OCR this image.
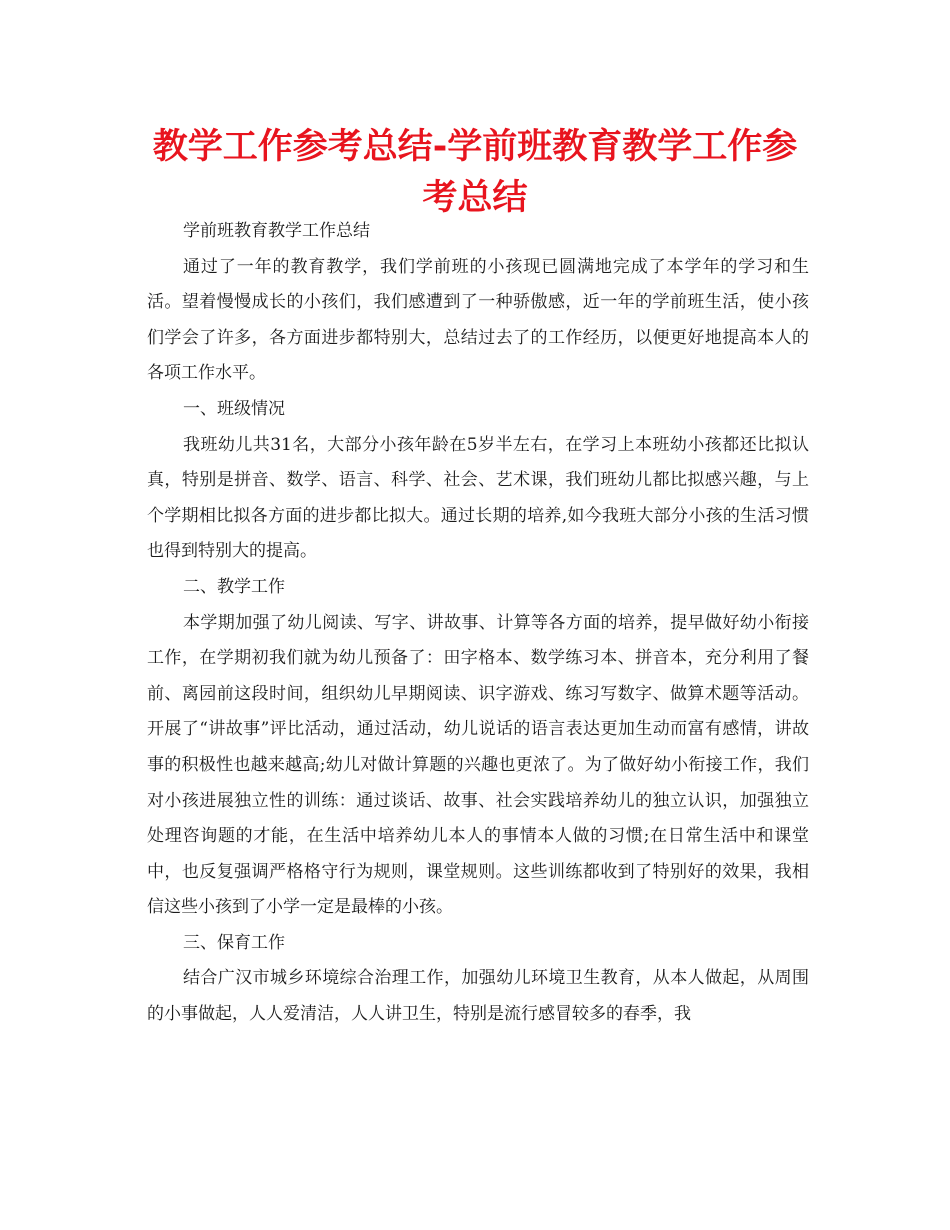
教学工作参考总结-学前班教育教学工作参考总结

学前班教育教学工作总结

通过了一年的教育教学，我们学前班的小孩现已圆满地完成了本学年的学习和生活。望着慢慢成长的小孩们，我们感遭到了一种骄傲感，近一年的学前班生活，使小孩们学会了许多，各方面进步都特别大，总结过去了的工作经历，以便更好地提高本人的各项工作水平。

一、班级情况

我班幼儿共31名，大部分小孩年龄在5岁半左右，在学习上本班幼小孩都还比拟认真，特别是拼音、数学、语言、科学、社会、艺术课，我们班幼儿都比拟感兴趣，与上个学期相比拟各方面的进步都比拟大。通过长期的培养,如今我班大部分小孩的生活习惯也得到特别大的提高。

二、教学工作

本学期加强了幼儿阅读、写字、讲故事、计算等各方面的培养，提早做好幼小衔接工作，在学期初我们就为幼儿预备了：田字格本、数学练习本、拼音本，充分利用了餐前、离园前这段时间，组织幼儿早期阅读、识字游戏、练习写数字、做算术题等活动。开展了“讲故事”评比活动，通过活动，幼儿说话的语言表达更加生动而富有感情，讲故事的积极性也越来越高;幼儿对做计算题的兴趣也更浓了。为了做好幼小衔接工作，我们对小孩进展独立性的训练：通过谈话、故事、社会实践培养幼儿的独立认识，加强独立处理咨询题的才能，在生活中培养幼儿本人的事情本人做的习惯;在日常生活中和课堂中，也反复强调严格格守行为规则，课堂规则。这些训练都收到了特别好的效果，我相信这些小孩到了小学一定是最棒的小孩。

三、保育工作

结合广汉市城乡环境综合治理工作，加强幼儿环境卫生教育，从本人做起，从周围的小事做起，人人爱清洁，人人讲卫生，特别是流行感冒较多的春季，我
